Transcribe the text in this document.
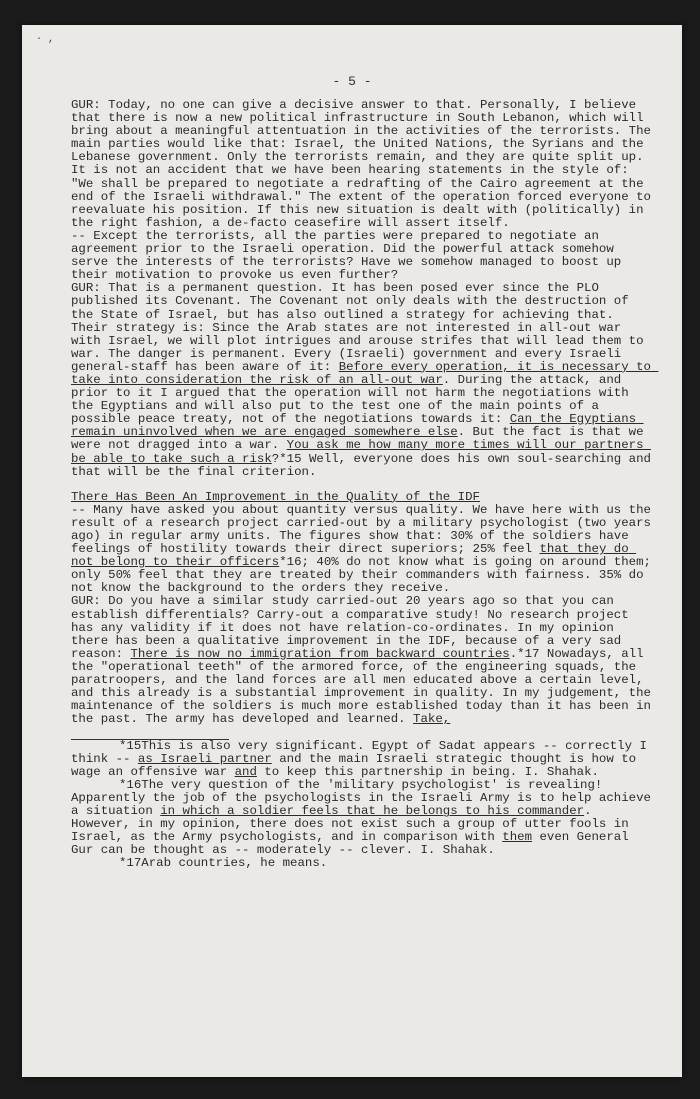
· ,
- 5 -

GUR: Today, no one can give a decisive answer to that. Personally, I believe that there is now a new political infrastructure in South Lebanon, which will bring about a meaningful attentuation in the activities of the terrorists. The main parties would like that: Israel, the United Nations, the Syrians and the Lebanese government. Only the terrorists remain, and they are quite split up. It is not an accident that we have been hearing statements in the style of: "We shall be prepared to negotiate a redrafting of the Cairo agreement at the end of the Israeli withdrawal." The extent of the operation forced everyone to reevaluate his position. If this new situation is dealt with (politically) in the right fashion, a de-facto ceasefire will assert itself.

-- Except the terrorists, all the parties were prepared to negotiate an agreement prior to the Israeli operation. Did the powerful attack somehow serve the interests of the terrorists? Have we somehow managed to boost up their motivation to provoke us even further?

GUR: That is a permanent question. It has been posed ever since the PLO published its Covenant. The Covenant not only deals with the destruction of the State of Israel, but has also outlined a strategy for achieving that. Their strategy is: Since the Arab states are not interested in all-out war with Israel, we will plot intrigues and arouse strifes that will lead them to war. The danger is permanent. Every (Israeli) government and every Israeli general-staff has been aware of it: Before every operation, it is necessary to take into consideration the risk of an all-out war. During the attack, and prior to it I argued that the operation will not harm the negotiations with the Egyptians and will also put to the test one of the main points of a possible peace treaty, not of the negotiations towards it: Can the Egyptians remain uninvolved when we are engaged somewhere else. But the fact is that we were not dragged into a war. You ask me how many more times will our partners be able to take such a risk?*15 Well, everyone does his own soul-searching and that will be the final criterion.

There Has Been An Improvement in the Quality of the IDF

-- Many have asked you about quantity versus quality. We have here with us the result of a research project carried-out by a military psychologist (two years ago) in regular army units. The figures show that: 30% of the soldiers have feelings of hostility towards their direct superiors; 25% feel that they do not belong to their officers*16; 40% do not know what is going on around them; only 50% feel that they are treated by their commanders with fairness. 35% do not know the background to the orders they receive.

GUR: Do you have a similar study carried-out 20 years ago so that you can establish differentials? Carry-out a comparative study! No research project has any validity if it does not have relation-co-ordinates. In my opinion there has been a qualitative improvement in the IDF, because of a very sad reason: There is now no immigration from backward countries.*17 Nowadays, all the "operational teeth" of the armored force, of the engineering squads, the paratroopers, and the land forces are all men educated above a certain level, and this already is a substantial improvement in quality. In my judgement, the maintenance of the soldiers is much more established today than it has been in the past. The army has developed and learned. Take,

*15This is also very significant. Egypt of Sadat appears -- correctly I think -- as Israeli partner and the main Israeli strategic thought is how to wage an offensive war and to keep this partnership in being. I. Shahak.

*16The very question of the 'military psychologist' is revealing! Apparently the job of the psychologists in the Israeli Army is to help achieve a situation in which a soldier feels that he belongs to his commander. However, in my opinion, there does not exist such a group of utter fools in Israel, as the Army psychologists, and in comparison with them even General Gur can be thought as -- moderately -- clever. I. Shahak.

*17Arab countries, he means.
